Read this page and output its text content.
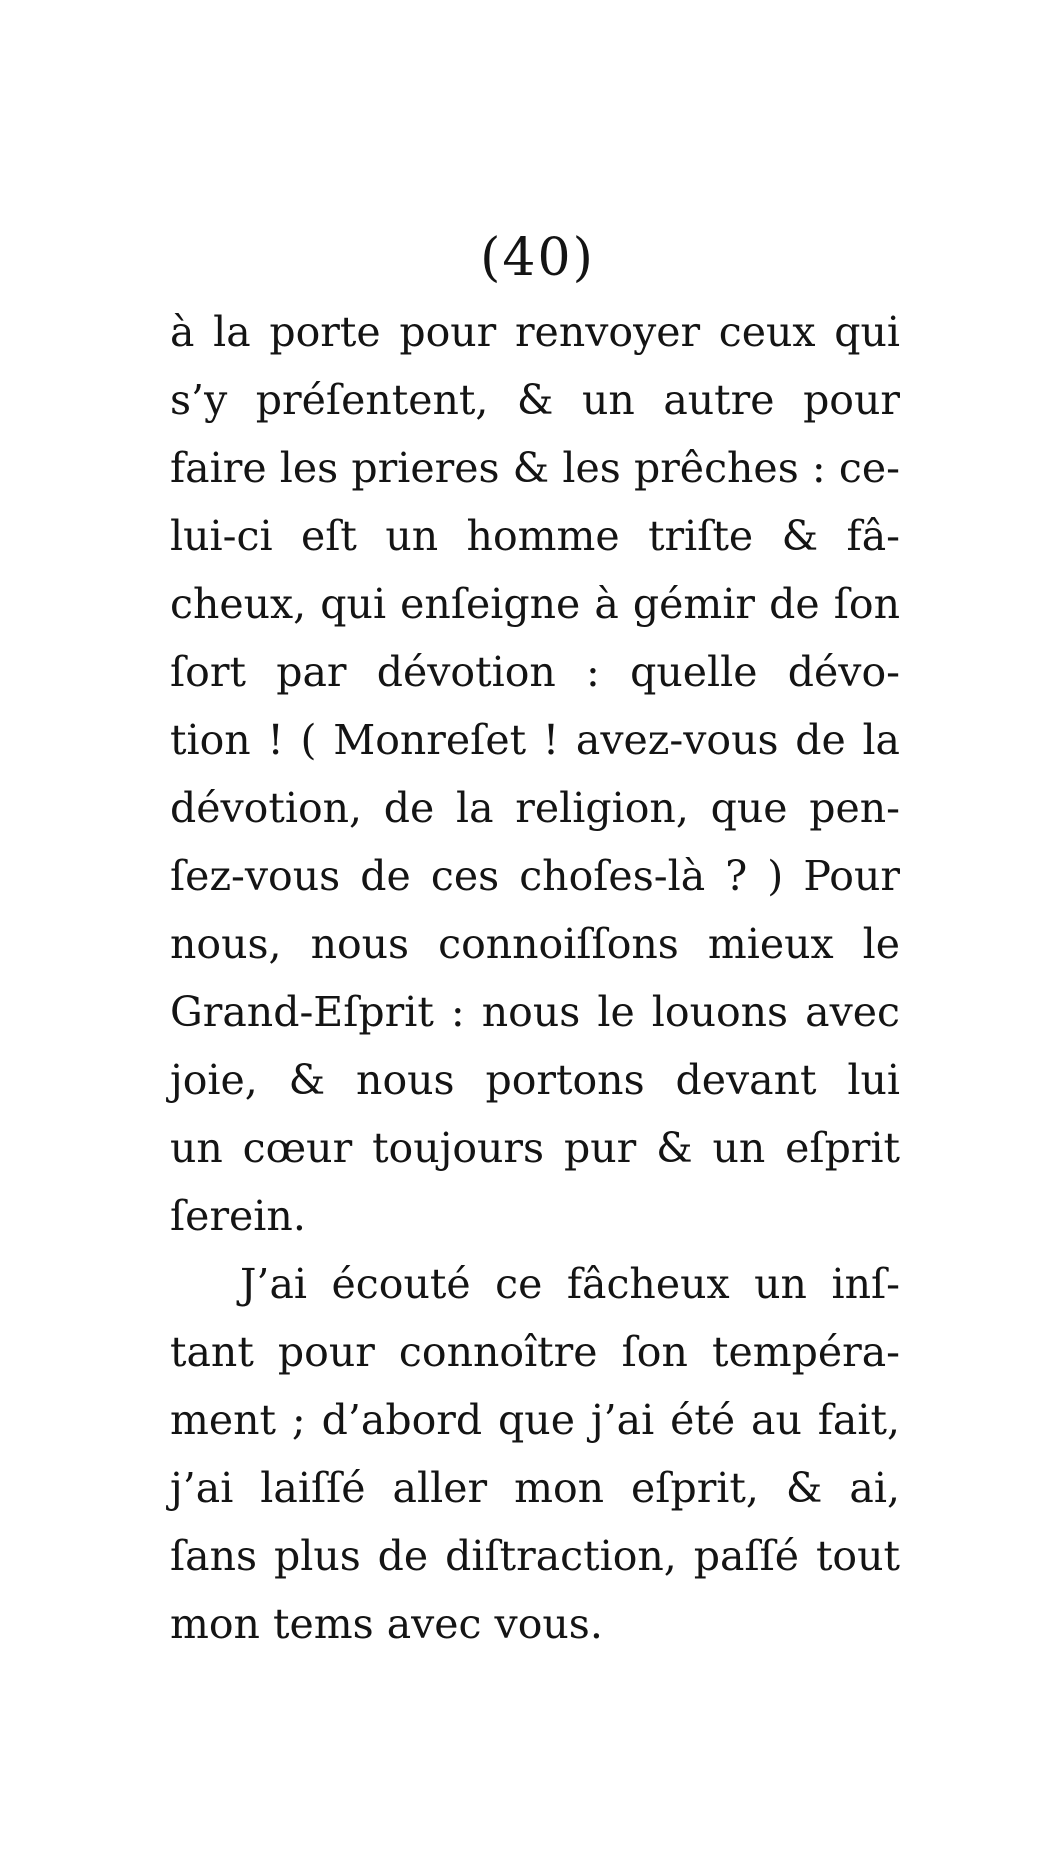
(40)
à la porte pour renvoyer ceux qui
s’y préſentent, & un autre pour
faire les prieres & les prêches : ce-
lui-ci eſt un homme triſte & fâ-
cheux, qui enſeigne à gémir de ſon
ſort par dévotion : quelle dévo-
tion ! ( Monreſet ! avez-vous de la
dévotion, de la religion, que pen-
ſez-vous de ces choſes-là ? ) Pour
nous, nous connoiſſons mieux le
Grand-Eſprit : nous le louons avec
joie, & nous portons devant lui
un cœur toujours pur & un eſprit
ſerein.
J’ai écouté ce fâcheux un inſ-
tant pour connoître ſon tempéra-
ment ; d’abord que j’ai été au fait,
j’ai laiſſé aller mon eſprit, & ai,
ſans plus de diſtraction, paſſé tout
mon tems avec vous.
